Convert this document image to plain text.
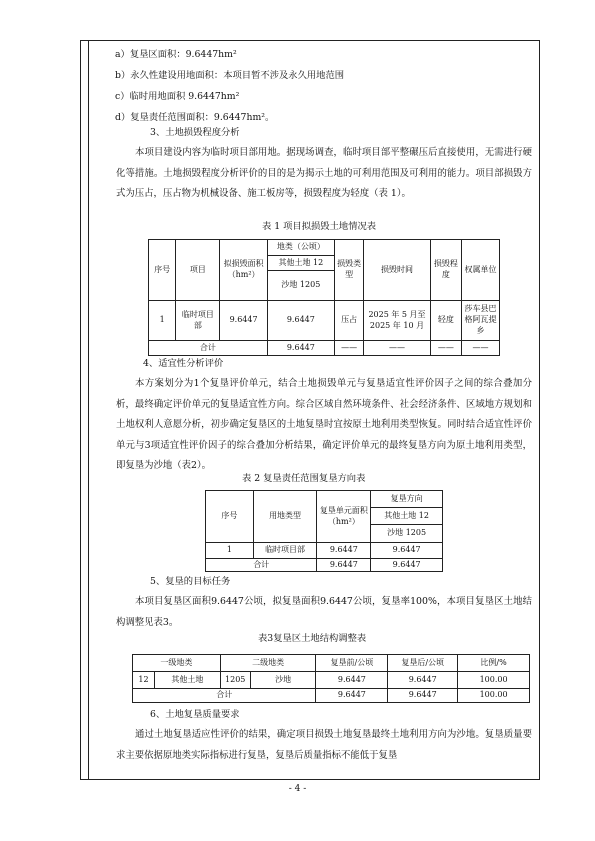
a）复垦区面积：9.6447hm²
b）永久性建设用地面积：本项目暂不涉及永久用地范围
c）临时用地面积 9.6447hm²
d）复垦责任范围面积：9.6447hm²。
3、土地损毁程度分析
本项目建设内容为临时项目部用地。据现场调查，临时项目部平整碾压后直接使用，无需进行硬化等措施。土地损毁程度分析评价的目的是为揭示土地的可利用范围及可利用的能力。项目部损毁方式为压占，压占物为机械设备、施工板房等，损毁程度为轻度（表 1）。
表 1 项目拟损毁土地情况表
序号	项目	拟损毁面积（hm²）	地类（公顷）	损毁类型	损毁时间	损毁程度	权属单位
			其他土地 12				
			沙地 1205				
1	临时项目部	9.6447	9.6447	压占	2025 年 5 月至 2025 年 10 月	轻度	莎车县巴格阿瓦提乡
合计			9.6447	——	——	——	——
4、适宜性分析评价
本方案划分为1个复垦评价单元，结合土地损毁单元与复垦适宜性评价因子之间的综合叠加分析，最终确定评价单元的复垦适宜性方向。综合区域自然环境条件、社会经济条件、区域地方规划和土地权利人意愿分析，初步确定复垦区的土地复垦时宜按原土地利用类型恢复。同时结合适宜性评价单元与3项适宜性评价因子的综合叠加分析结果，确定评价单元的最终复垦方向为原土地利用类型，即复垦为沙地（表2）。
表 2 复垦责任范围复垦方向表
序号	用地类型	复垦单元面积（hm²）	复垦方向
			其他土地 12
			沙地 1205
1	临时项目部	9.6447	9.6447
合计		9.6447	9.6447
5、复垦的目标任务
本项目复垦区面积9.6447公顷，拟复垦面积9.6447公顷，复垦率100%，本项目复垦区土地结构调整见表3。
表3复垦区土地结构调整表
一级地类		二级地类		复垦前/公顷	复垦后/公顷	比例/%
12	其他土地	1205	沙地	9.6447	9.6447	100.00
合计				9.6447	9.6447	100.00
6、土地复垦质量要求
通过土地复垦适应性评价的结果，确定项目损毁土地复垦最终土地利用方向为沙地。复垦质量要求主要依据原地类实际指标进行复垦，复垦后质量指标不能低于复垦
- 4 -
